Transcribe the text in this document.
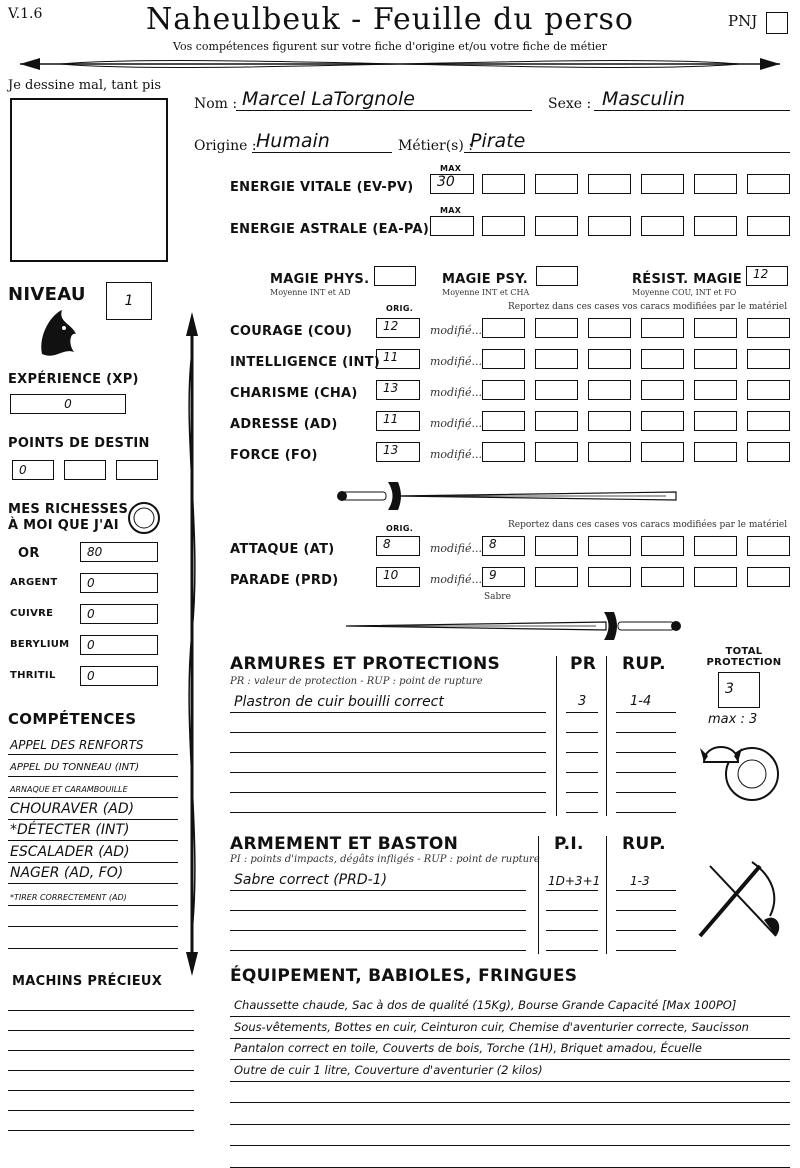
V.1.6	Naheulbeuk - Feuille du perso	PNJ
Vos compétences figurent sur votre fiche d'origine et/ou votre fiche de métier
Je dessine mal, tant pis
Nom : Marcel LaTorgnole	Sexe : Masculin
Origine : Humain	Métier(s) :
Pirate
MAX
ENERGIE VITALE (EV-PV)	30
MAX
ENERGIE ASTRALE (EA-PA)
MAGIE PHYS.
Moyenne INT et AD
MAGIE PSY.
Moyenne INT et CHA
RÉSIST. MAGIE
Moyenne COU, INT et FO
12
ORIG.	Reportez dans ces cases vos caracs modifiées par le matériel
COURAGE (COU)	12	modifié...
INTELLIGENCE (INT) 11	modifié...
CHARISME (CHA)	13	modifié...
ADRESSE (AD)	11	modifié...
FORCE (FO)	13	modifié...
ORIG.	Reportez dans ces cases vos caracs modifiées par le matériel
ATTAQUE (AT)	8	modifié... 8
PARADE (PRD)	10	modifié... 9
Sabre
NIVEAU	1
EXPÉRIENCE (XP)
0
POINTS DE DESTIN
0
MES RICHESSES
À MOI QUE J'AI
OR	80
ARGENT	0
CUIVRE	0
BERYLIUM	0
THRITIL	0
COMPÉTENCES
APPEL DES RENFORTS
APPEL DU TONNEAU (INT)
ARNAQUE ET CARAMBOUILLE
CHOURAVER (AD)
*DÉTECTER (INT)
ESCALADER (AD)
NAGER (AD, FO)
*TIRER CORRECTEMENT (AD)
MACHINS PRÉCIEUX
ARMURES ET PROTECTIONS	PR RUP.
PR : valeur de protection - RUP : point de rupture
Plastron de cuir bouilli correct	3	1-4
TOTAL PROTECTION
3
max : 3
ARMEMENT ET BASTON	P.I. RUP.
PI : points d'impacts, dégâts infligés - RUP : point de rupture
Sabre correct (PRD-1)	1D+3+1 1-3
ÉQUIPEMENT, BABIOLES, FRINGUES
Chaussette chaude, Sac à dos de qualité (15Kg), Bourse Grande Capacité [Max 100PO]
Sous-vêtements, Bottes en cuir, Ceinturon cuir, Chemise d'aventurier correcte, Saucisson
Pantalon correct en toile, Couverts de bois, Torche (1H), Briquet amadou, Écuelle
Outre de cuir 1 litre, Couverture d'aventurier (2 kilos)
